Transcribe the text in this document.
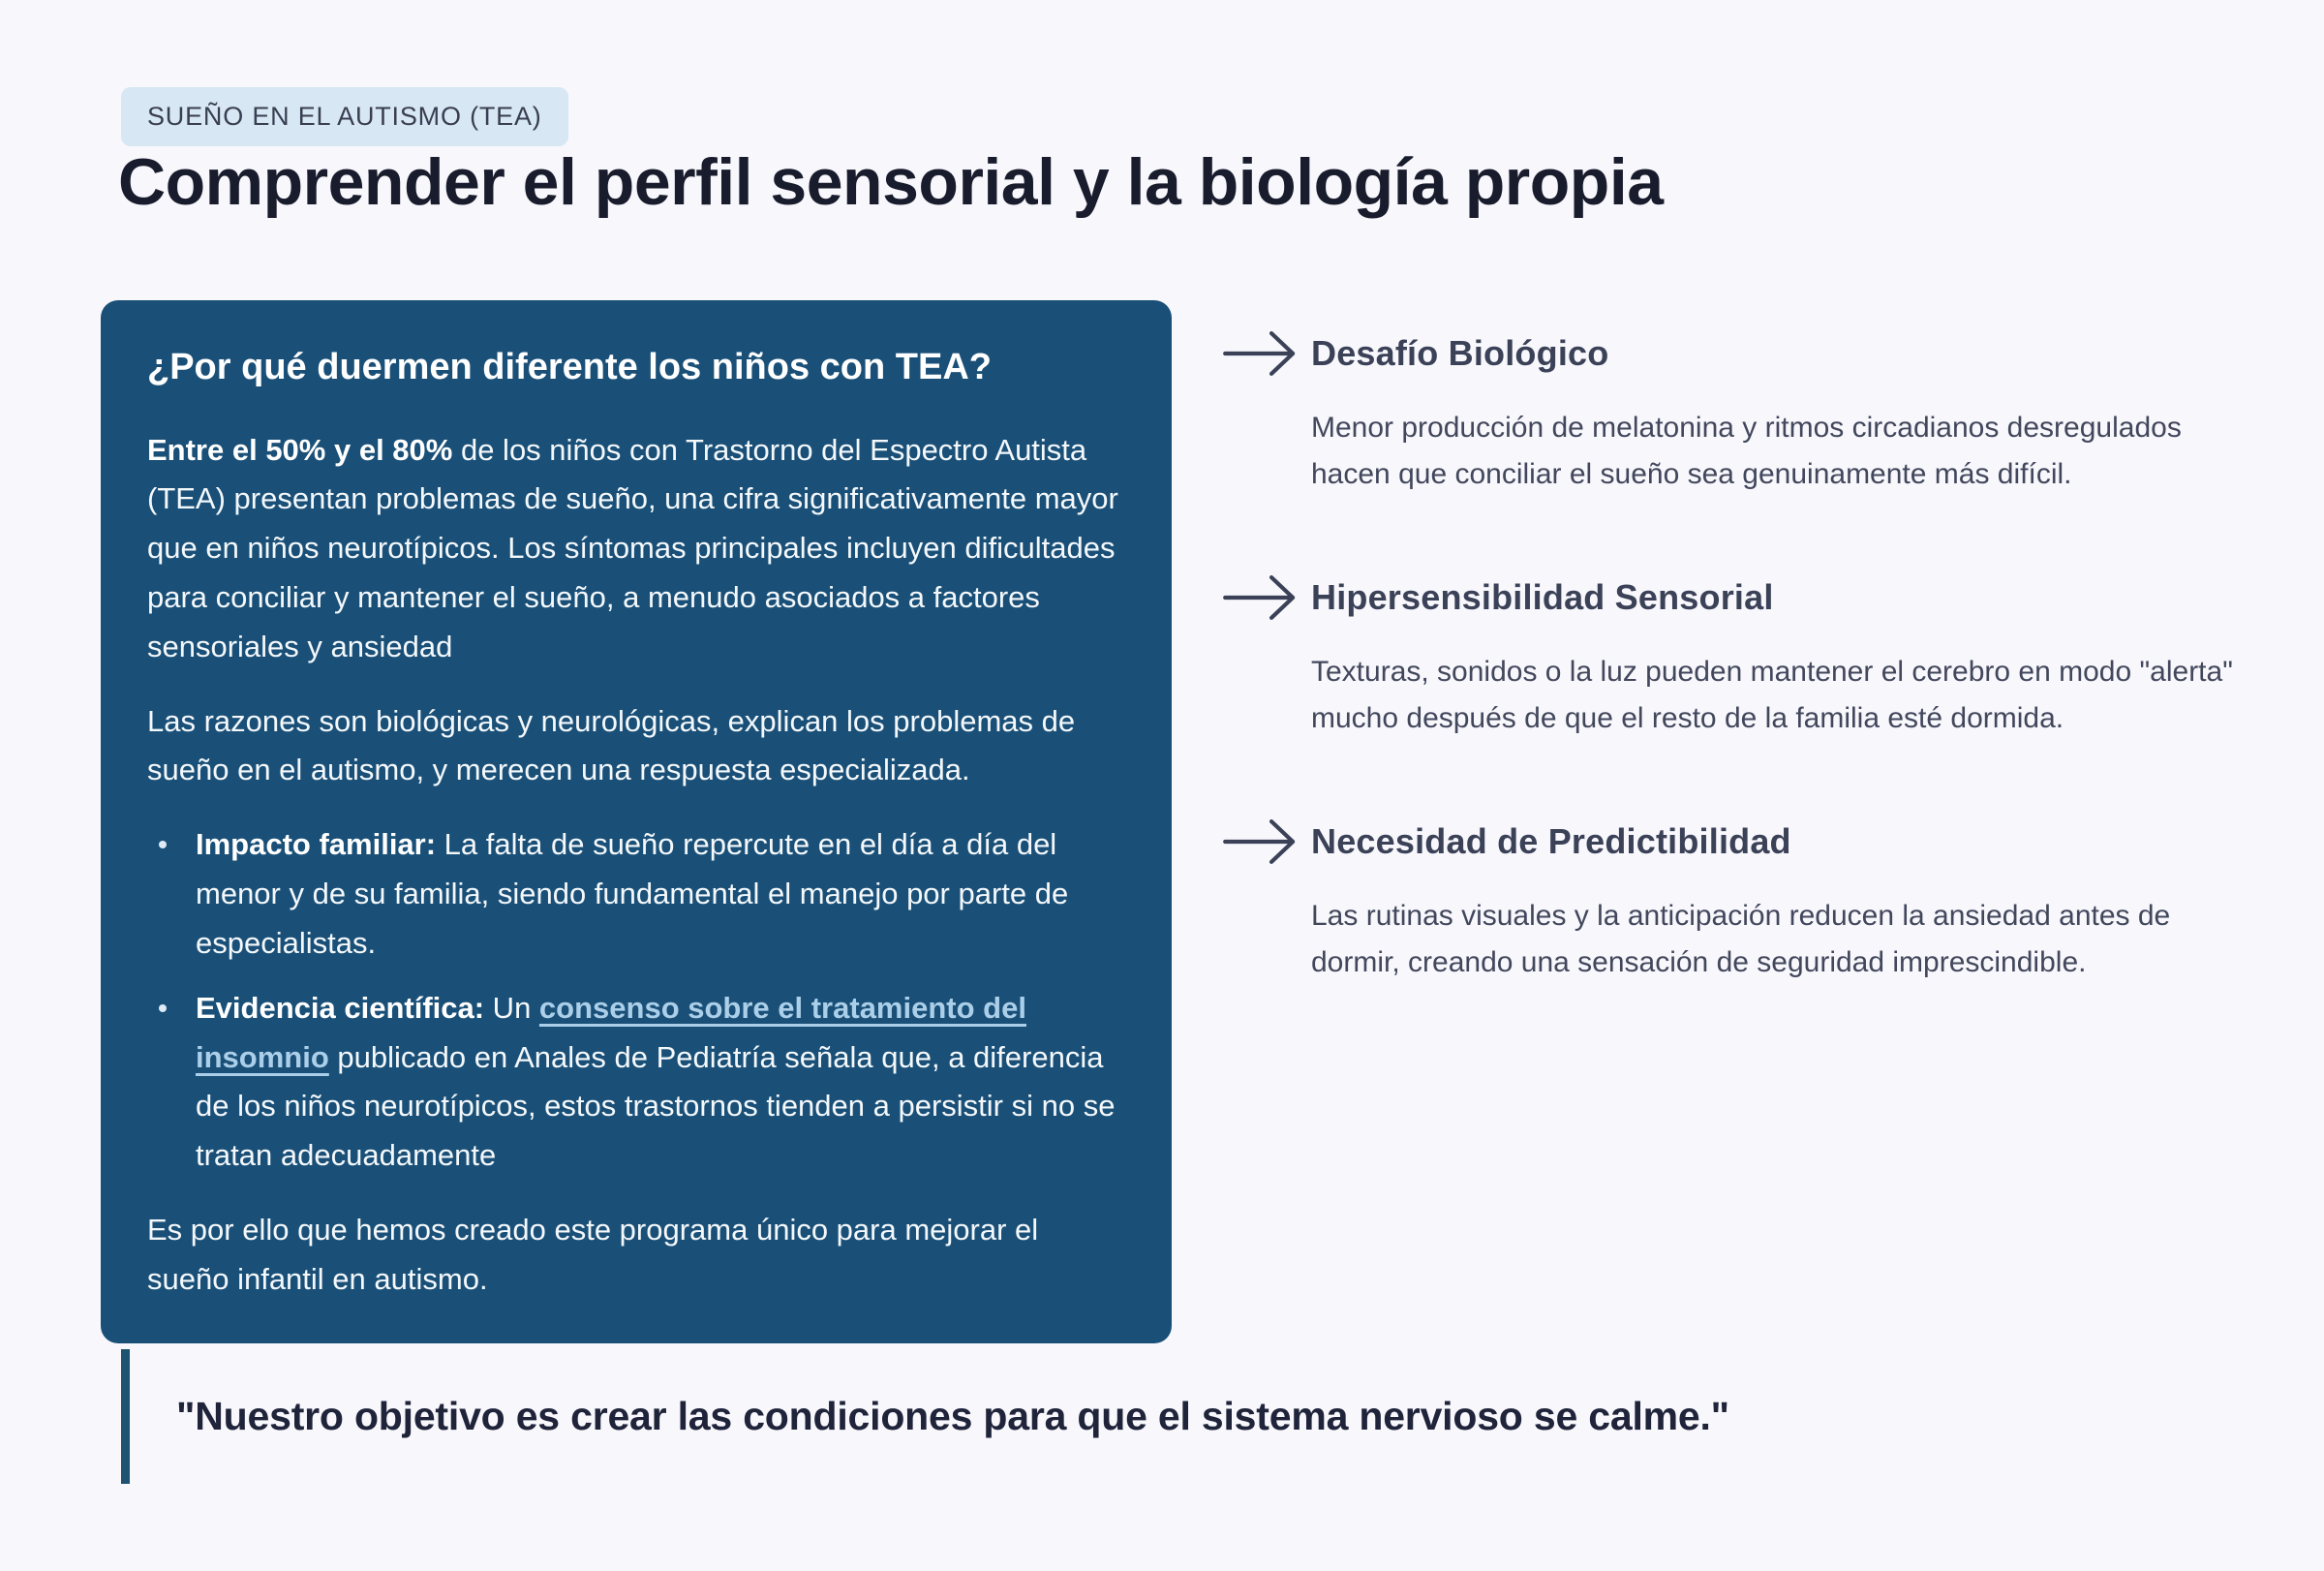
SUEÑO EN EL AUTISMO (TEA)
Comprender el perfil sensorial y la biología propia
¿Por qué duermen diferente los niños con TEA?

Entre el 50% y el 80% de los niños con Trastorno del Espectro Autista (TEA) presentan problemas de sueño, una cifra significativamente mayor que en niños neurotípicos. Los síntomas principales incluyen dificultades para conciliar y mantener el sueño, a menudo asociados a factores sensoriales y ansiedad

Las razones son biológicas y neurológicas, explican los problemas de sueño en el autismo, y merecen una respuesta especializada.

Impacto familiar: La falta de sueño repercute en el día a día del menor y de su familia, siendo fundamental el manejo por parte de especialistas.
Evidencia científica: Un consenso sobre el tratamiento del insomnio publicado en Anales de Pediatría señala que, a diferencia de los niños neurotípicos, estos trastornos tienden a persistir si no se tratan adecuadamente

Es por ello que hemos creado este programa único para mejorar el sueño infantil en autismo.

Desafío Biológico

Menor producción de melatonina y ritmos circadianos desregulados hacen que conciliar el sueño sea genuinamente más difícil.

Hipersensibilidad Sensorial

Texturas, sonidos o la luz pueden mantener el cerebro en modo "alerta" mucho después de que el resto de la familia esté dormida.

Necesidad de Predictibilidad

Las rutinas visuales y la anticipación reducen la ansiedad antes de dormir, creando una sensación de seguridad imprescindible.

"Nuestro objetivo es crear las condiciones para que el sistema nervioso se calme."
